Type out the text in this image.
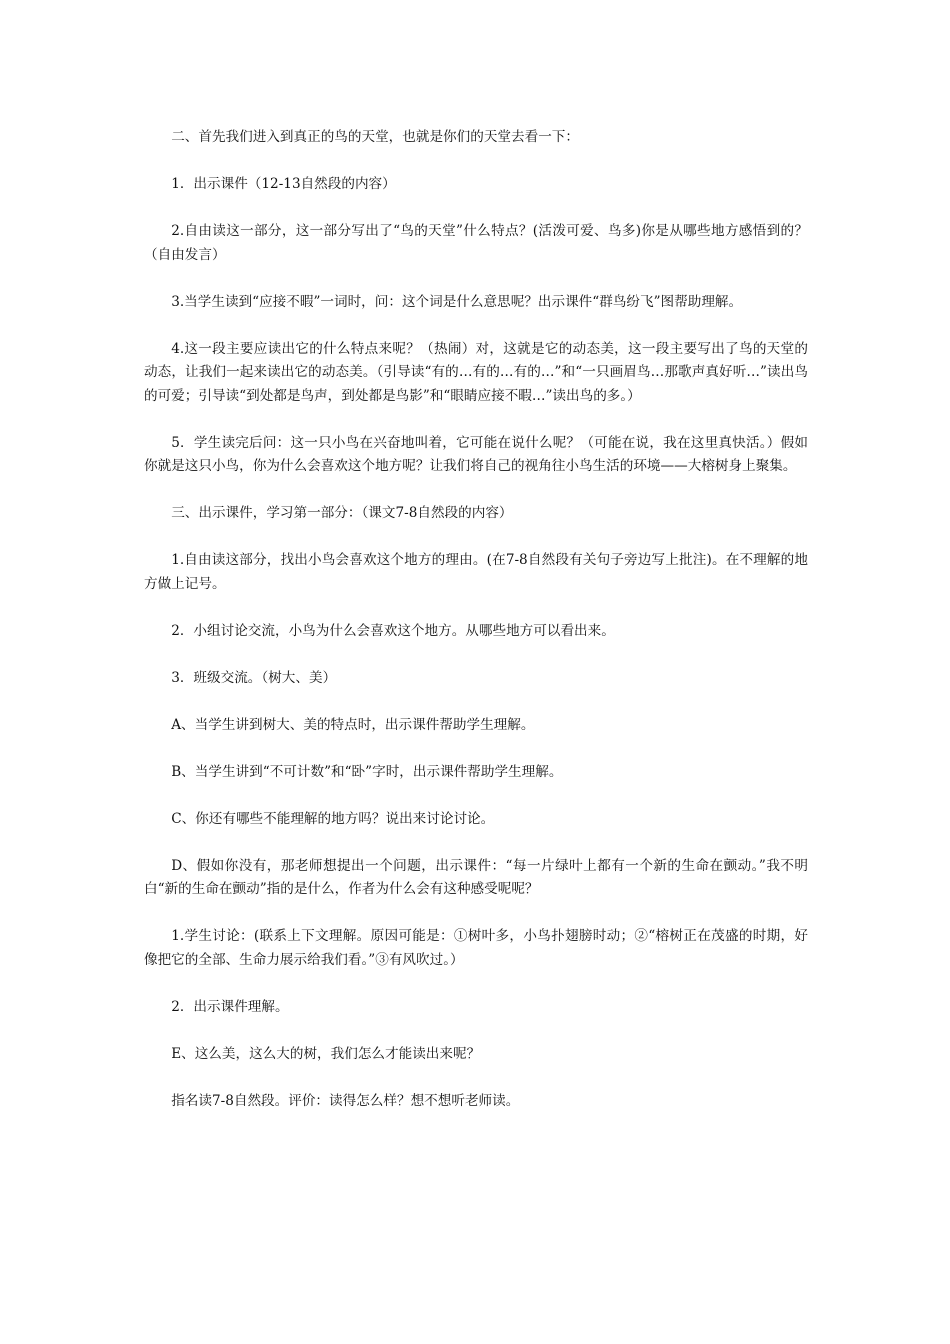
二、首先我们进入到真正的鸟的天堂，也就是你们的天堂去看一下：

1．出示课件（12-13自然段的内容）

2.自由读这一部分，这一部分写出了“鸟的天堂”什么特点？(活泼可爱、鸟多)你是从哪些地方感悟到的？（自由发言）

3.当学生读到“应接不暇”一词时，问：这个词是什么意思呢？出示课件“群鸟纷飞”图帮助理解。

4.这一段主要应读出它的什么特点来呢？（热闹）对，这就是它的动态美，这一段主要写出了鸟的天堂的动态，让我们一起来读出它的动态美。（引导读“有的…有的…有的…”和“一只画眉鸟…那歌声真好听…”读出鸟的可爱；引导读“到处都是鸟声，到处都是鸟影”和“眼睛应接不暇…”读出鸟的多。）

5．学生读完后问：这一只小鸟在兴奋地叫着，它可能在说什么呢？（可能在说，我在这里真快活。）假如你就是这只小鸟，你为什么会喜欢这个地方呢？让我们将自己的视角往小鸟生活的环境——大榕树身上聚集。

三、出示课件，学习第一部分：（课文7-8自然段的内容）

1.自由读这部分，找出小鸟会喜欢这个地方的理由。(在7-8自然段有关句子旁边写上批注)。在不理解的地方做上记号。

2．小组讨论交流，小鸟为什么会喜欢这个地方。从哪些地方可以看出来。

3．班级交流。（树大、美）

A、当学生讲到树大、美的特点时，出示课件帮助学生理解。

B、当学生讲到“不可计数”和“卧”字时，出示课件帮助学生理解。

C、你还有哪些不能理解的地方吗？说出来讨论讨论。

D、假如你没有，那老师想提出一个问题，出示课件：“每一片绿叶上都有一个新的生命在颤动。”我不明白“新的生命在颤动”指的是什么，作者为什么会有这种感受呢呢？

1.学生讨论：(联系上下文理解。原因可能是：①树叶多，小鸟扑翅膀时动；②“榕树正在茂盛的时期，好像把它的全部、生命力展示给我们看。”③有风吹过。）

2．出示课件理解。

E、这么美，这么大的树，我们怎么才能读出来呢？

指名读7-8自然段。评价：读得怎么样？想不想听老师读。
